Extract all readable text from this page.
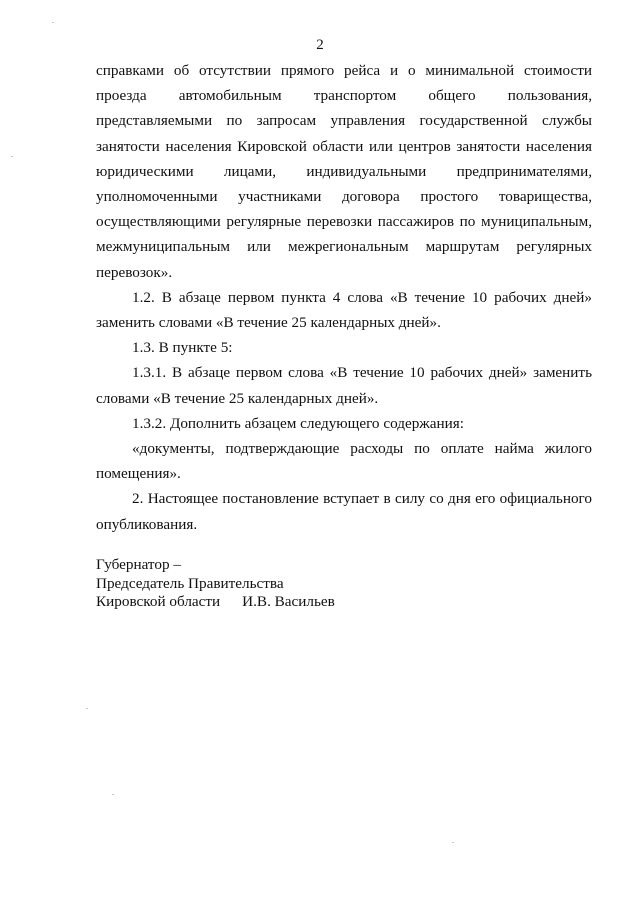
2

справками об отсутствии прямого рейса и о минимальной стоимости проезда автомобильным транспортом общего пользования, представляемыми по запросам управления государственной службы занятости населения Кировской области или центров занятости населения юридическими лицами, индивидуальными предпринимателями, уполномоченными участниками договора простого товарищества, осуществляющими регулярные перевозки пассажиров по муниципальным, межмуниципальным или межрегиональным маршрутам регулярных перевозок».

1.2. В абзаце первом пункта 4 слова «В течение 10 рабочих дней» заменить словами «В течение 25 календарных дней».

1.3. В пункте 5:

1.3.1. В абзаце первом слова «В течение 10 рабочих дней» заменить словами «В течение 25 календарных дней».

1.3.2. Дополнить абзацем следующего содержания:

«документы, подтверждающие расходы по оплате найма жилого помещения».

2. Настоящее постановление вступает в силу со дня его официального опубликования.

Губернатор –
Председатель Правительства
Кировской области И.В. Васильев
